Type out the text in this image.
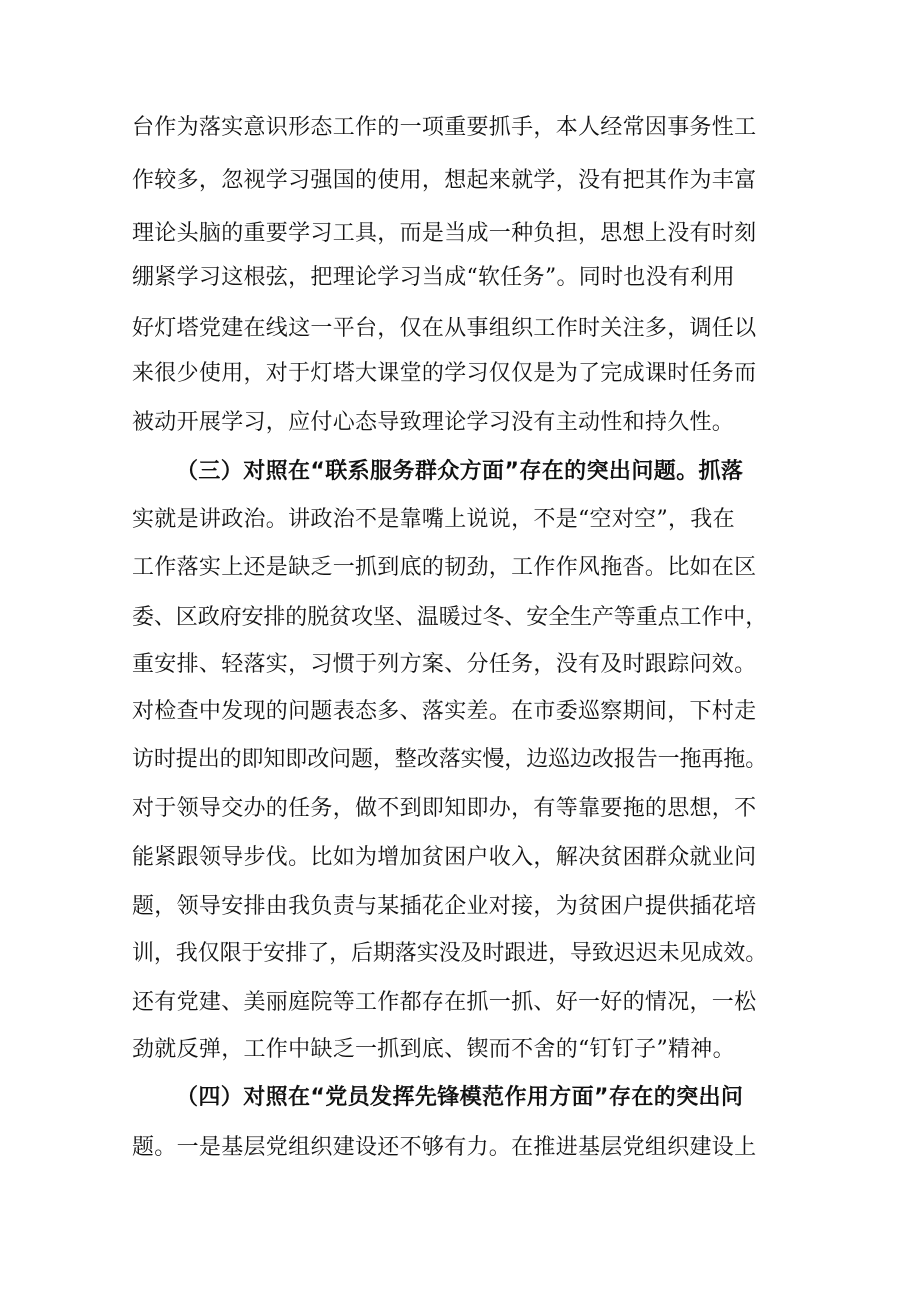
台作为落实意识形态工作的一项重要抓手，本人经常因事务性工
作较多，忽视学习强国的使用，想起来就学，没有把其作为丰富
理论头脑的重要学习工具，而是当成一种负担，思想上没有时刻
绷紧学习这根弦，把理论学习当成“软任务”。同时也没有利用
好灯塔党建在线这一平台，仅在从事组织工作时关注多，调任以
来很少使用，对于灯塔大课堂的学习仅仅是为了完成课时任务而
被动开展学习，应付心态导致理论学习没有主动性和持久性。
（三）对照在“联系服务群众方面”存在的突出问题。抓落
实就是讲政治。讲政治不是靠嘴上说说，不是“空对空”，我在
工作落实上还是缺乏一抓到底的韧劲，工作作风拖沓。比如在区
委、区政府安排的脱贫攻坚、温暖过冬、安全生产等重点工作中，
重安排、轻落实，习惯于列方案、分任务，没有及时跟踪问效。
对检查中发现的问题表态多、落实差。在市委巡察期间，下村走
访时提出的即知即改问题，整改落实慢，边巡边改报告一拖再拖。
对于领导交办的任务，做不到即知即办，有等靠要拖的思想，不
能紧跟领导步伐。比如为增加贫困户收入，解决贫困群众就业问
题，领导安排由我负责与某插花企业对接，为贫困户提供插花培
训，我仅限于安排了，后期落实没及时跟进，导致迟迟未见成效。
还有党建、美丽庭院等工作都存在抓一抓、好一好的情况，一松
劲就反弹，工作中缺乏一抓到底、锲而不舍的“钉钉子”精神。
（四）对照在“党员发挥先锋模范作用方面”存在的突出问
题。一是基层党组织建设还不够有力。在推进基层党组织建设上
